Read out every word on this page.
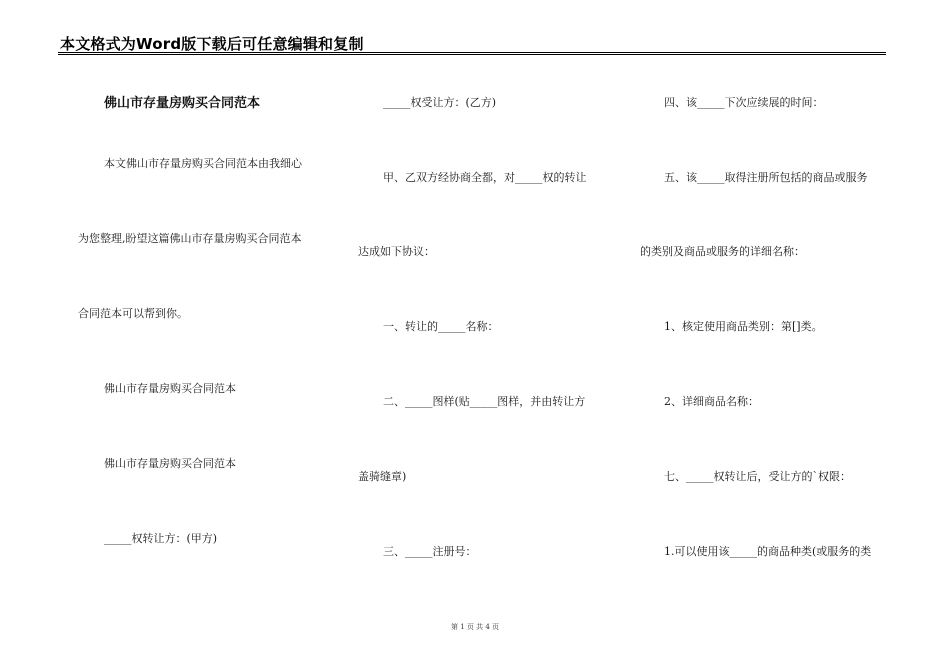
本文格式为Word版下载后可任意编辑和复制
佛山市存量房购买合同范本
本文佛山市存量房购买合同范本由我细心
为您整理,盼望这篇佛山市存量房购买合同范本
合同范本可以帮到你。
佛山市存量房购买合同范本
佛山市存量房购买合同范本
_____权转让方：(甲方)
_____权受让方：(乙方)
甲、乙双方经协商全都，对_____权的转让
达成如下协议：
一、转让的_____名称：
二、_____图样(贴_____图样，并由转让方
盖骑缝章)
三、_____注册号：
四、该_____下次应续展的时间：
五、该_____取得注册所包括的商品或服务
的类别及商品或服务的详细名称：
1、核定使用商品类别：第[]类。
2、详细商品名称：
七、_____权转让后，受让方的`权限：
1.可以使用该_____的商品种类(或服务的类
第 1 页 共 4 页
